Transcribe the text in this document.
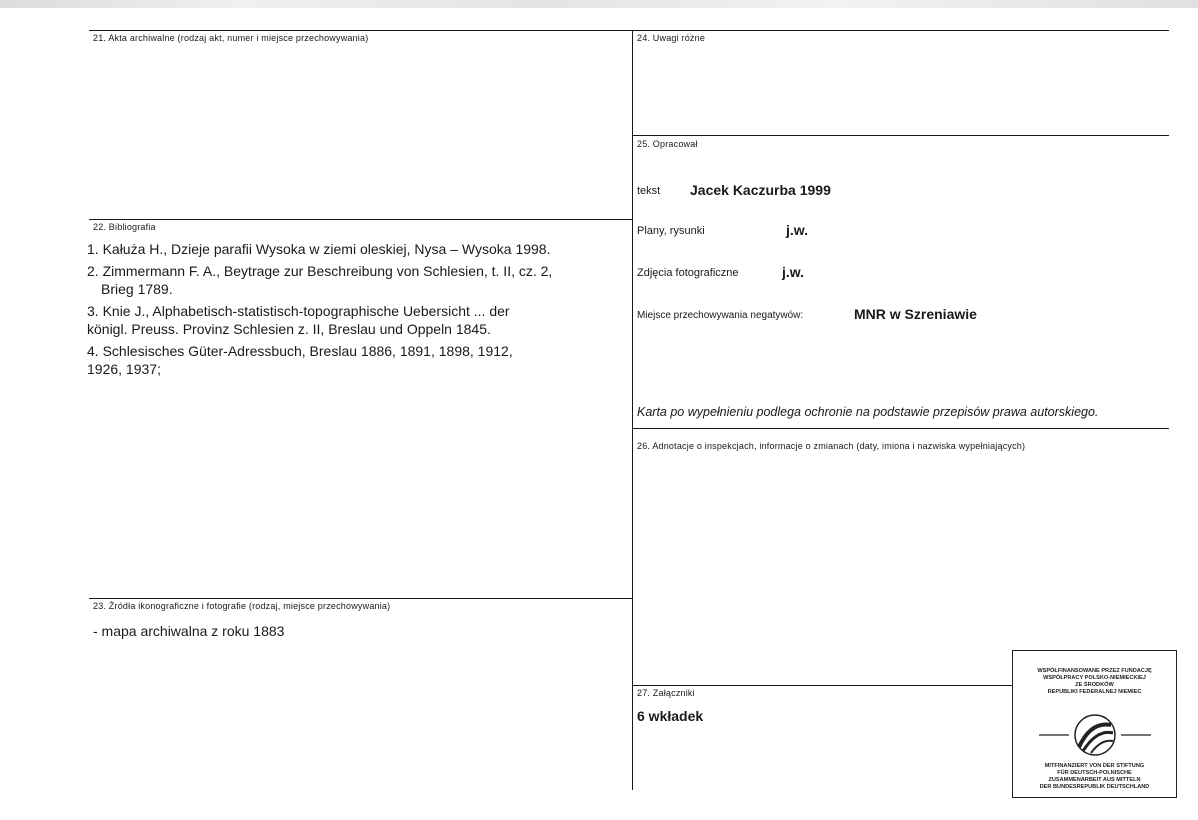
21. Akta archiwalne (rodzaj akt, numer i miejsce przechowywania)
22. Bibliografia
1. Kałuża H., Dzieje parafii Wysoka w ziemi oleskiej, Nysa – Wysoka 1998.
2. Zimmermann F. A., Beytrage zur Beschreibung von Schlesien, t. II, cz. 2,
Brieg 1789.
3. Knie J., Alphabetisch-statistisch-topographische Uebersicht ... der
königl. Preuss. Provinz Schlesien z. II, Breslau und Oppeln 1845.
4. Schlesisches Güter-Adressbuch, Breslau 1886, 1891, 1898, 1912,
1926, 1937;
23. Źródła ikonograficzne i fotografie (rodzaj, miejsce przechowywania)
- mapa archiwalna z roku 1883
24. Uwagi różne
25. Opracował
tekst Jacek Kaczurba 1999
Plany, rysunki	j.w.
Zdjęcia fotograficzne	j.w.
Miejsce przechowywania negatywów:	MNR w Szreniawie
Karta po wypełnieniu podlega ochronie na podstawie przepisów prawa autorskiego.
26. Adnotacje o inspekcjach, informacje o zmianach (daty, imiona i nazwiska wypełniających)
27. Załączniki
6 wkładek
WSPÓŁFINANSOWANE PRZEZ FUNDACJĘ
WSPÓŁPRACY POLSKO-NIEMIECKIEJ
ZE ŚRODKÓW
REPUBLIKI FEDERALNEJ NIEMIEC
MITFINANZIERT VON DER STIFTUNG
FÜR DEUTSCH-POLNISCHE
ZUSAMMENARBEIT AUS MITTELN
DER BUNDESREPUBLIK DEUTSCHLAND
